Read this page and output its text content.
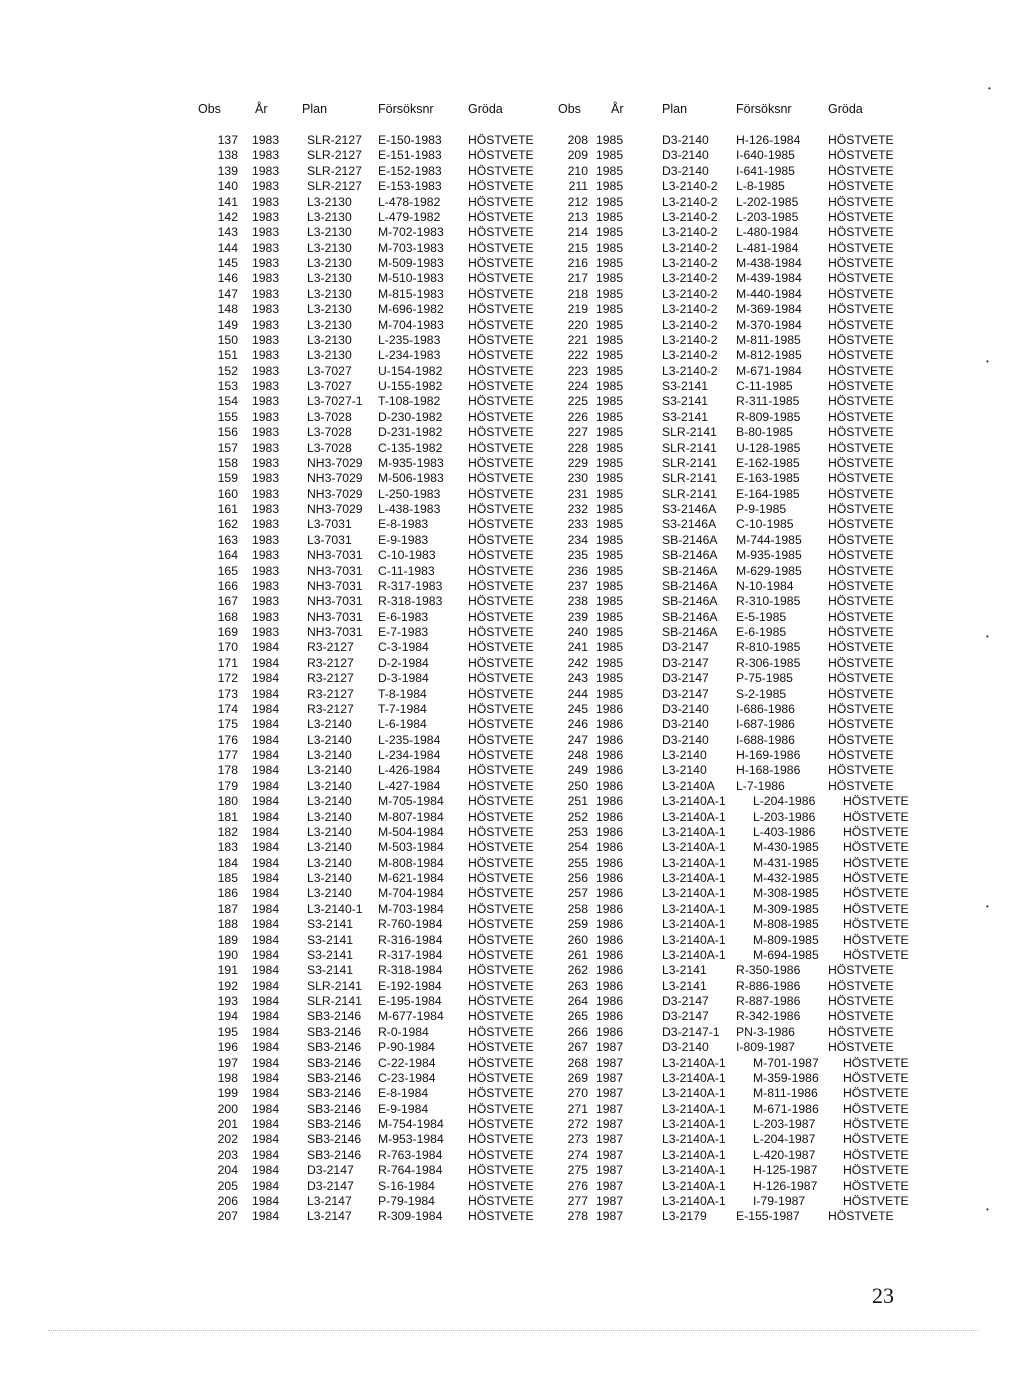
Obs	År	Plan	Försöksnr	Gröda	Obs År	Plan	Försöksnr	Gröda
137 1983 SLR-2127 E-150-1983 HÖSTVETE	208 1985	D3-2140 H-126-1984 HÖSTVETE
138 1983 SLR-2127 E-151-1983 HÖSTVETE	209 1985	D3-2140 I-640-1985	HÖSTVETE
139 1983 SLR-2127 E-152-1983 HÖSTVETE	210 1985	D3-2140 I-641-1985	HÖSTVETE
140 1983 SLR-2127 E-153-1983 HÖSTVETE	211 1985	L3-2140-2 L-8-1985	HÖSTVETE
141 1983 L3-2130 L-478-1982 HÖSTVETE	212 1985	L3-2140-2 L-202-1985 HÖSTVETE
142 1983 L3-2130 L-479-1982 HÖSTVETE	213 1985	L3-2140-2 L-203-1985 HÖSTVETE
143 1983 L3-2130 M-702-1983 HÖSTVETE	214 1985	L3-2140-2 L-480-1984 HÖSTVETE
144 1983 L3-2130 M-703-1983 HÖSTVETE	215 1985	L3-2140-2 L-481-1984 HÖSTVETE
145 1983 L3-2130 M-509-1983 HÖSTVETE	216 1985	L3-2140-2 M-438-1984 HÖSTVETE
146 1983 L3-2130 M-510-1983 HÖSTVETE	217 1985	L3-2140-2 M-439-1984 HÖSTVETE
147 1983 L3-2130 M-815-1983 HÖSTVETE	218 1985	L3-2140-2 M-440-1984 HÖSTVETE
148 1983 L3-2130 M-696-1982 HÖSTVETE	219 1985	L3-2140-2 M-369-1984 HÖSTVETE
149 1983 L3-2130 M-704-1983 HÖSTVETE	220 1985	L3-2140-2 M-370-1984 HÖSTVETE
150 1983 L3-2130 L-235-1983 HÖSTVETE	221 1985	L3-2140-2 M-811-1985 HÖSTVETE
151 1983 L3-2130 L-234-1983 HÖSTVETE	222 1985	L3-2140-2 M-812-1985 HÖSTVETE
152 1983 L3-7027 U-154-1982 HÖSTVETE	223 1985	L3-2140-2 M-671-1984 HÖSTVETE
153 1983 L3-7027 U-155-1982 HÖSTVETE	224 1985	S3-2141 C-11-1985	HÖSTVETE
154 1983 L3-7027-1 T-108-1982 HÖSTVETE	225 1985	S3-2141 R-311-1985 HÖSTVETE
155 1983 L3-7028 D-230-1982 HÖSTVETE	226 1985	S3-2141 R-809-1985 HÖSTVETE
156 1983 L3-7028 D-231-1982 HÖSTVETE	227 1985	SLR-2141 B-80-1985	HÖSTVETE
157 1983 L3-7028 C-135-1982 HÖSTVETE	228 1985	SLR-2141 U-128-1985 HÖSTVETE
158 1983 NH3-7029 M-935-1983 HÖSTVETE	229 1985	SLR-2141 E-162-1985 HÖSTVETE
159 1983 NH3-7029 M-506-1983 HÖSTVETE	230 1985	SLR-2141 E-163-1985 HÖSTVETE
160 1983 NH3-7029 L-250-1983 HÖSTVETE	231 1985	SLR-2141 E-164-1985 HÖSTVETE
161 1983 NH3-7029 L-438-1983 HÖSTVETE	232 1985	S3-2146A P-9-1985	HÖSTVETE
162 1983 L3-7031 E-8-1983	HÖSTVETE	233 1985	S3-2146A C-10-1985	HÖSTVETE
163 1983 L3-7031 E-9-1983	HÖSTVETE	234 1985	SB-2146A M-744-1985 HÖSTVETE
164 1983 NH3-7031 C-10-1983	HÖSTVETE	235 1985	SB-2146A M-935-1985 HÖSTVETE
165 1983 NH3-7031 C-11-1983	HÖSTVETE	236 1985	SB-2146A M-629-1985 HÖSTVETE
166 1983 NH3-7031 R-317-1983 HÖSTVETE	237 1985	SB-2146A N-10-1984	HÖSTVETE
167 1983 NH3-7031 R-318-1983 HÖSTVETE	238 1985	SB-2146A R-310-1985 HÖSTVETE
168 1983 NH3-7031 E-6-1983	HÖSTVETE	239 1985	SB-2146A E-5-1985	HÖSTVETE
169 1983 NH3-7031 E-7-1983	HÖSTVETE	240 1985	SB-2146A E-6-1985	HÖSTVETE
170 1984 R3-2127 C-3-1984	HÖSTVETE	241 1985	D3-2147 R-810-1985 HÖSTVETE
171 1984 R3-2127 D-2-1984	HÖSTVETE	242 1985	D3-2147 R-306-1985 HÖSTVETE
172 1984 R3-2127 D-3-1984	HÖSTVETE	243 1985	D3-2147 P-75-1985	HÖSTVETE
173 1984 R3-2127 T-8-1984	HÖSTVETE	244 1985	D3-2147 S-2-1985	HÖSTVETE
174 1984 R3-2127 T-7-1984	HÖSTVETE	245 1986	D3-2140 I-686-1986	HÖSTVETE
175 1984 L3-2140 L-6-1984	HÖSTVETE	246 1986	D3-2140 I-687-1986	HÖSTVETE
176 1984 L3-2140 L-235-1984 HÖSTVETE	247 1986	D3-2140 I-688-1986	HÖSTVETE
177 1984 L3-2140 L-234-1984 HÖSTVETE	248 1986	L3-2140 H-169-1986 HÖSTVETE
178 1984 L3-2140 L-426-1984 HÖSTVETE	249 1986	L3-2140 H-168-1986 HÖSTVETE
179 1984 L3-2140 L-427-1984 HÖSTVETE	250 1986	L3-2140A L-7-1986	HÖSTVETE
180 1984 L3-2140 M-705-1984 HÖSTVETE	251 1986	L3-2140A-1 L-204-1986 HÖSTVETE
181 1984 L3-2140 M-807-1984 HÖSTVETE	252 1986	L3-2140A-1 L-203-1986 HÖSTVETE
182 1984 L3-2140 M-504-1984 HÖSTVETE	253 1986	L3-2140A-1 L-403-1986 HÖSTVETE
183 1984 L3-2140 M-503-1984 HÖSTVETE	254 1986	L3-2140A-1 M-430-1985 HÖSTVETE
184 1984 L3-2140 M-808-1984 HÖSTVETE	255 1986	L3-2140A-1 M-431-1985 HÖSTVETE
185 1984 L3-2140 M-621-1984 HÖSTVETE	256 1986	L3-2140A-1 M-432-1985 HÖSTVETE
186 1984 L3-2140 M-704-1984 HÖSTVETE	257 1986	L3-2140A-1 M-308-1985 HÖSTVETE
187 1984 L3-2140-1 M-703-1984 HÖSTVETE	258 1986	L3-2140A-1 M-309-1985 HÖSTVETE
188 1984 S3-2141 R-760-1984 HÖSTVETE	259 1986	L3-2140A-1 M-808-1985 HÖSTVETE
189 1984 S3-2141 R-316-1984 HÖSTVETE	260 1986	L3-2140A-1 M-809-1985 HÖSTVETE
190 1984 S3-2141 R-317-1984 HÖSTVETE	261 1986	L3-2140A-1 M-694-1985 HÖSTVETE
191 1984 S3-2141 R-318-1984 HÖSTVETE	262 1986	L3-2141 R-350-1986 HÖSTVETE
192 1984 SLR-2141 E-192-1984 HÖSTVETE	263 1986	L3-2141 R-886-1986 HÖSTVETE
193 1984 SLR-2141 E-195-1984 HÖSTVETE	264 1986	D3-2147 R-887-1986 HÖSTVETE
194 1984 SB3-2146 M-677-1984 HÖSTVETE	265 1986	D3-2147 R-342-1986 HÖSTVETE
195 1984 SB3-2146 R-0-1984	HÖSTVETE	266 1986	D3-2147-1 PN-3-1986	HÖSTVETE
196 1984 SB3-2146 P-90-1984	HÖSTVETE	267 1987	D3-2140 I-809-1987	HÖSTVETE
197 1984 SB3-2146 C-22-1984	HÖSTVETE	268 1987	L3-2140A-1 M-701-1987 HÖSTVETE
198 1984 SB3-2146 C-23-1984	HÖSTVETE	269 1987	L3-2140A-1 M-359-1986 HÖSTVETE
199 1984 SB3-2146 E-8-1984	HÖSTVETE	270 1987	L3-2140A-1 M-811-1986 HÖSTVETE
200 1984 SB3-2146 E-9-1984	HÖSTVETE	271 1987	L3-2140A-1 M-671-1986 HÖSTVETE
201 1984 SB3-2146 M-754-1984 HÖSTVETE	272 1987	L3-2140A-1 L-203-1987 HÖSTVETE
202 1984 SB3-2146 M-953-1984 HÖSTVETE	273 1987	L3-2140A-1 L-204-1987 HÖSTVETE
203 1984 SB3-2146 R-763-1984 HÖSTVETE	274 1987	L3-2140A-1 L-420-1987 HÖSTVETE
204 1984 D3-2147 R-764-1984 HÖSTVETE	275 1987	L3-2140A-1 H-125-1987 HÖSTVETE
205 1984 D3-2147 S-16-1984	HÖSTVETE	276 1987	L3-2140A-1 H-126-1987 HÖSTVETE
206 1984 L3-2147 P-79-1984	HÖSTVETE	277 1987	L3-2140A-1 I-79-1987	HÖSTVETE
207 1984 L3-2147 R-309-1984 HÖSTVETE	278 1987	L3-2179 E-155-1987 HÖSTVETE
23
•
•
•
•
•
